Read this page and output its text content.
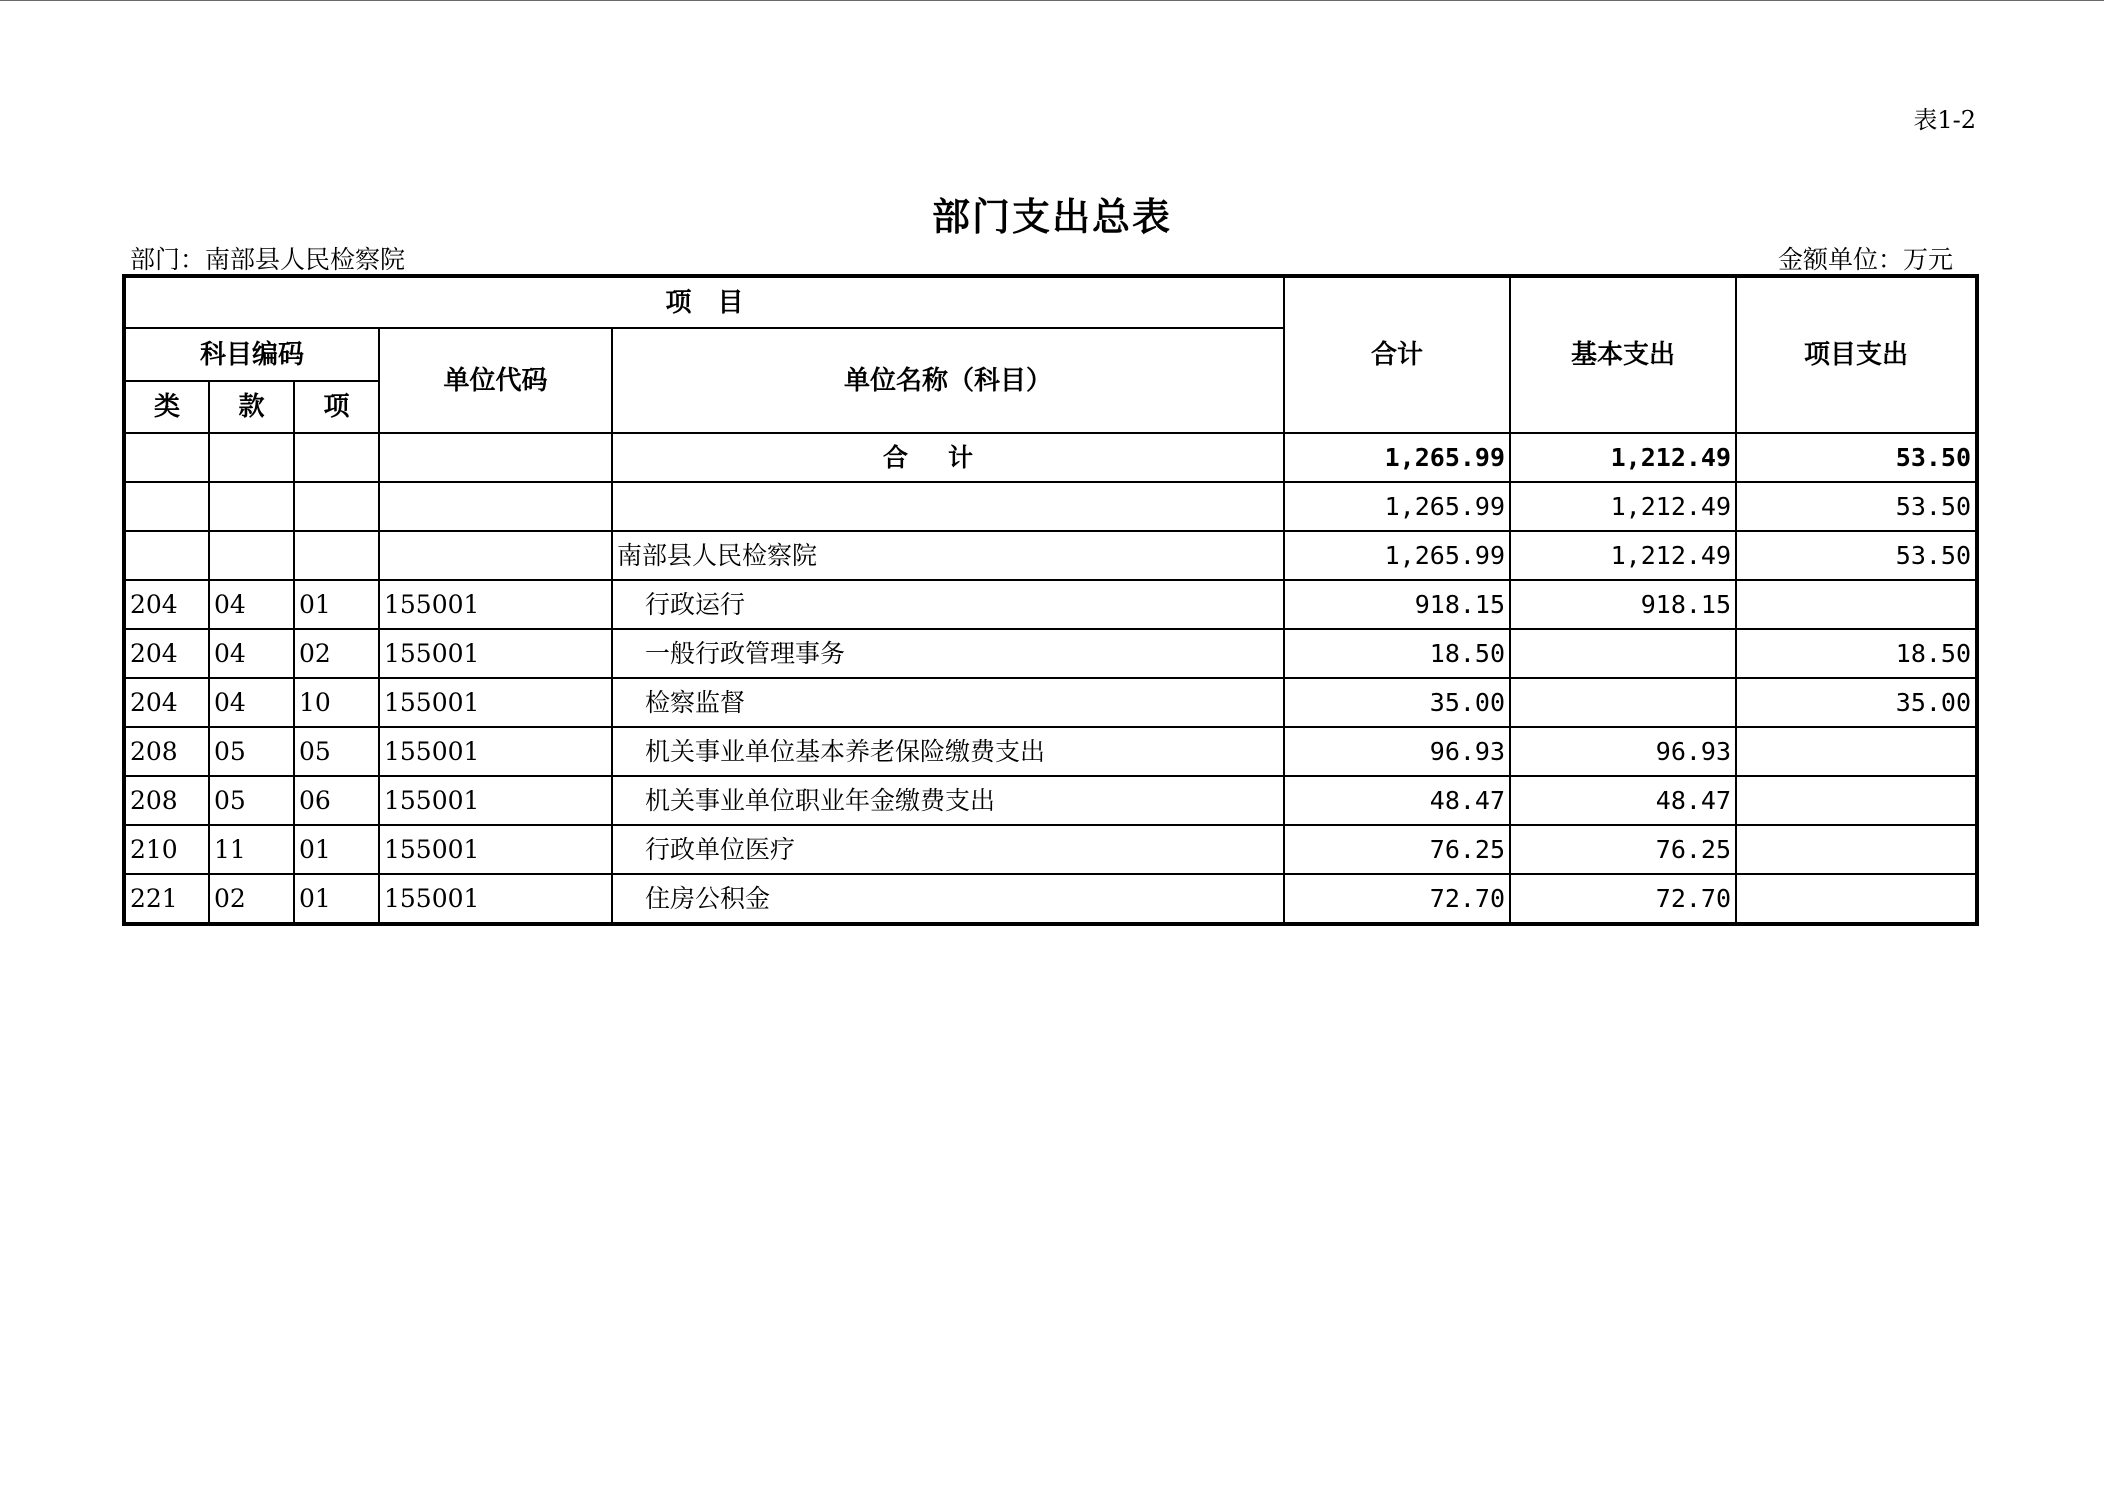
表1-2
部门支出总表
部门：南部县人民检察院	金额单位：万元
项　目					合计	基本支出	项目支出
科目编码			单位代码	单位名称（科目）			
类	款	项					
				合计	1,265.99	1,212.49	53.50
					1,265.99	1,212.49	53.50
				南部县人民检察院	1,265.99	1,212.49	53.50
204	04	01	155001	行政运行	918.15	918.15	
204	04	02	155001	一般行政管理事务	18.50		18.50
204	04	10	155001	检察监督	35.00		35.00
208	05	05	155001	机关事业单位基本养老保险缴费支出	96.93	96.93	
208	05	06	155001	机关事业单位职业年金缴费支出	48.47	48.47	
210	11	01	155001	行政单位医疗	76.25	76.25	
221	02	01	155001	住房公积金	72.70	72.70	
